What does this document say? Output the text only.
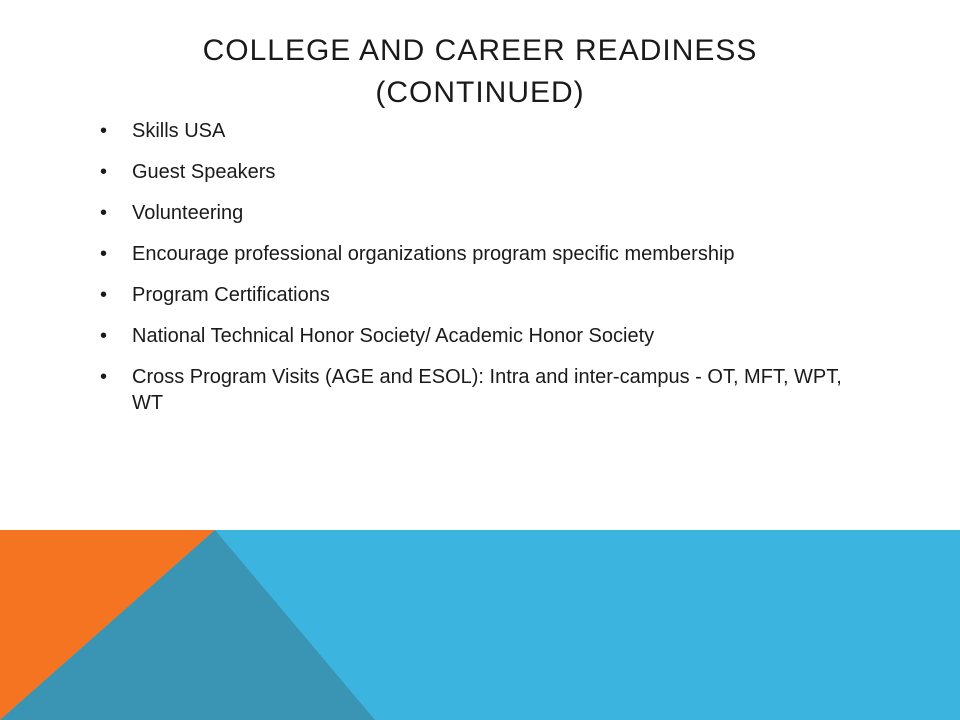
COLLEGE AND CAREER READINESS
(CONTINUED)
• Skills USA
• Guest Speakers
• Volunteering
• Encourage professional organizations program specific membership
• Program Certifications
• National Technical Honor Society/ Academic Honor Society
• Cross Program Visits (AGE and ESOL): Intra and inter-campus - OT, MFT, WPT, WT
